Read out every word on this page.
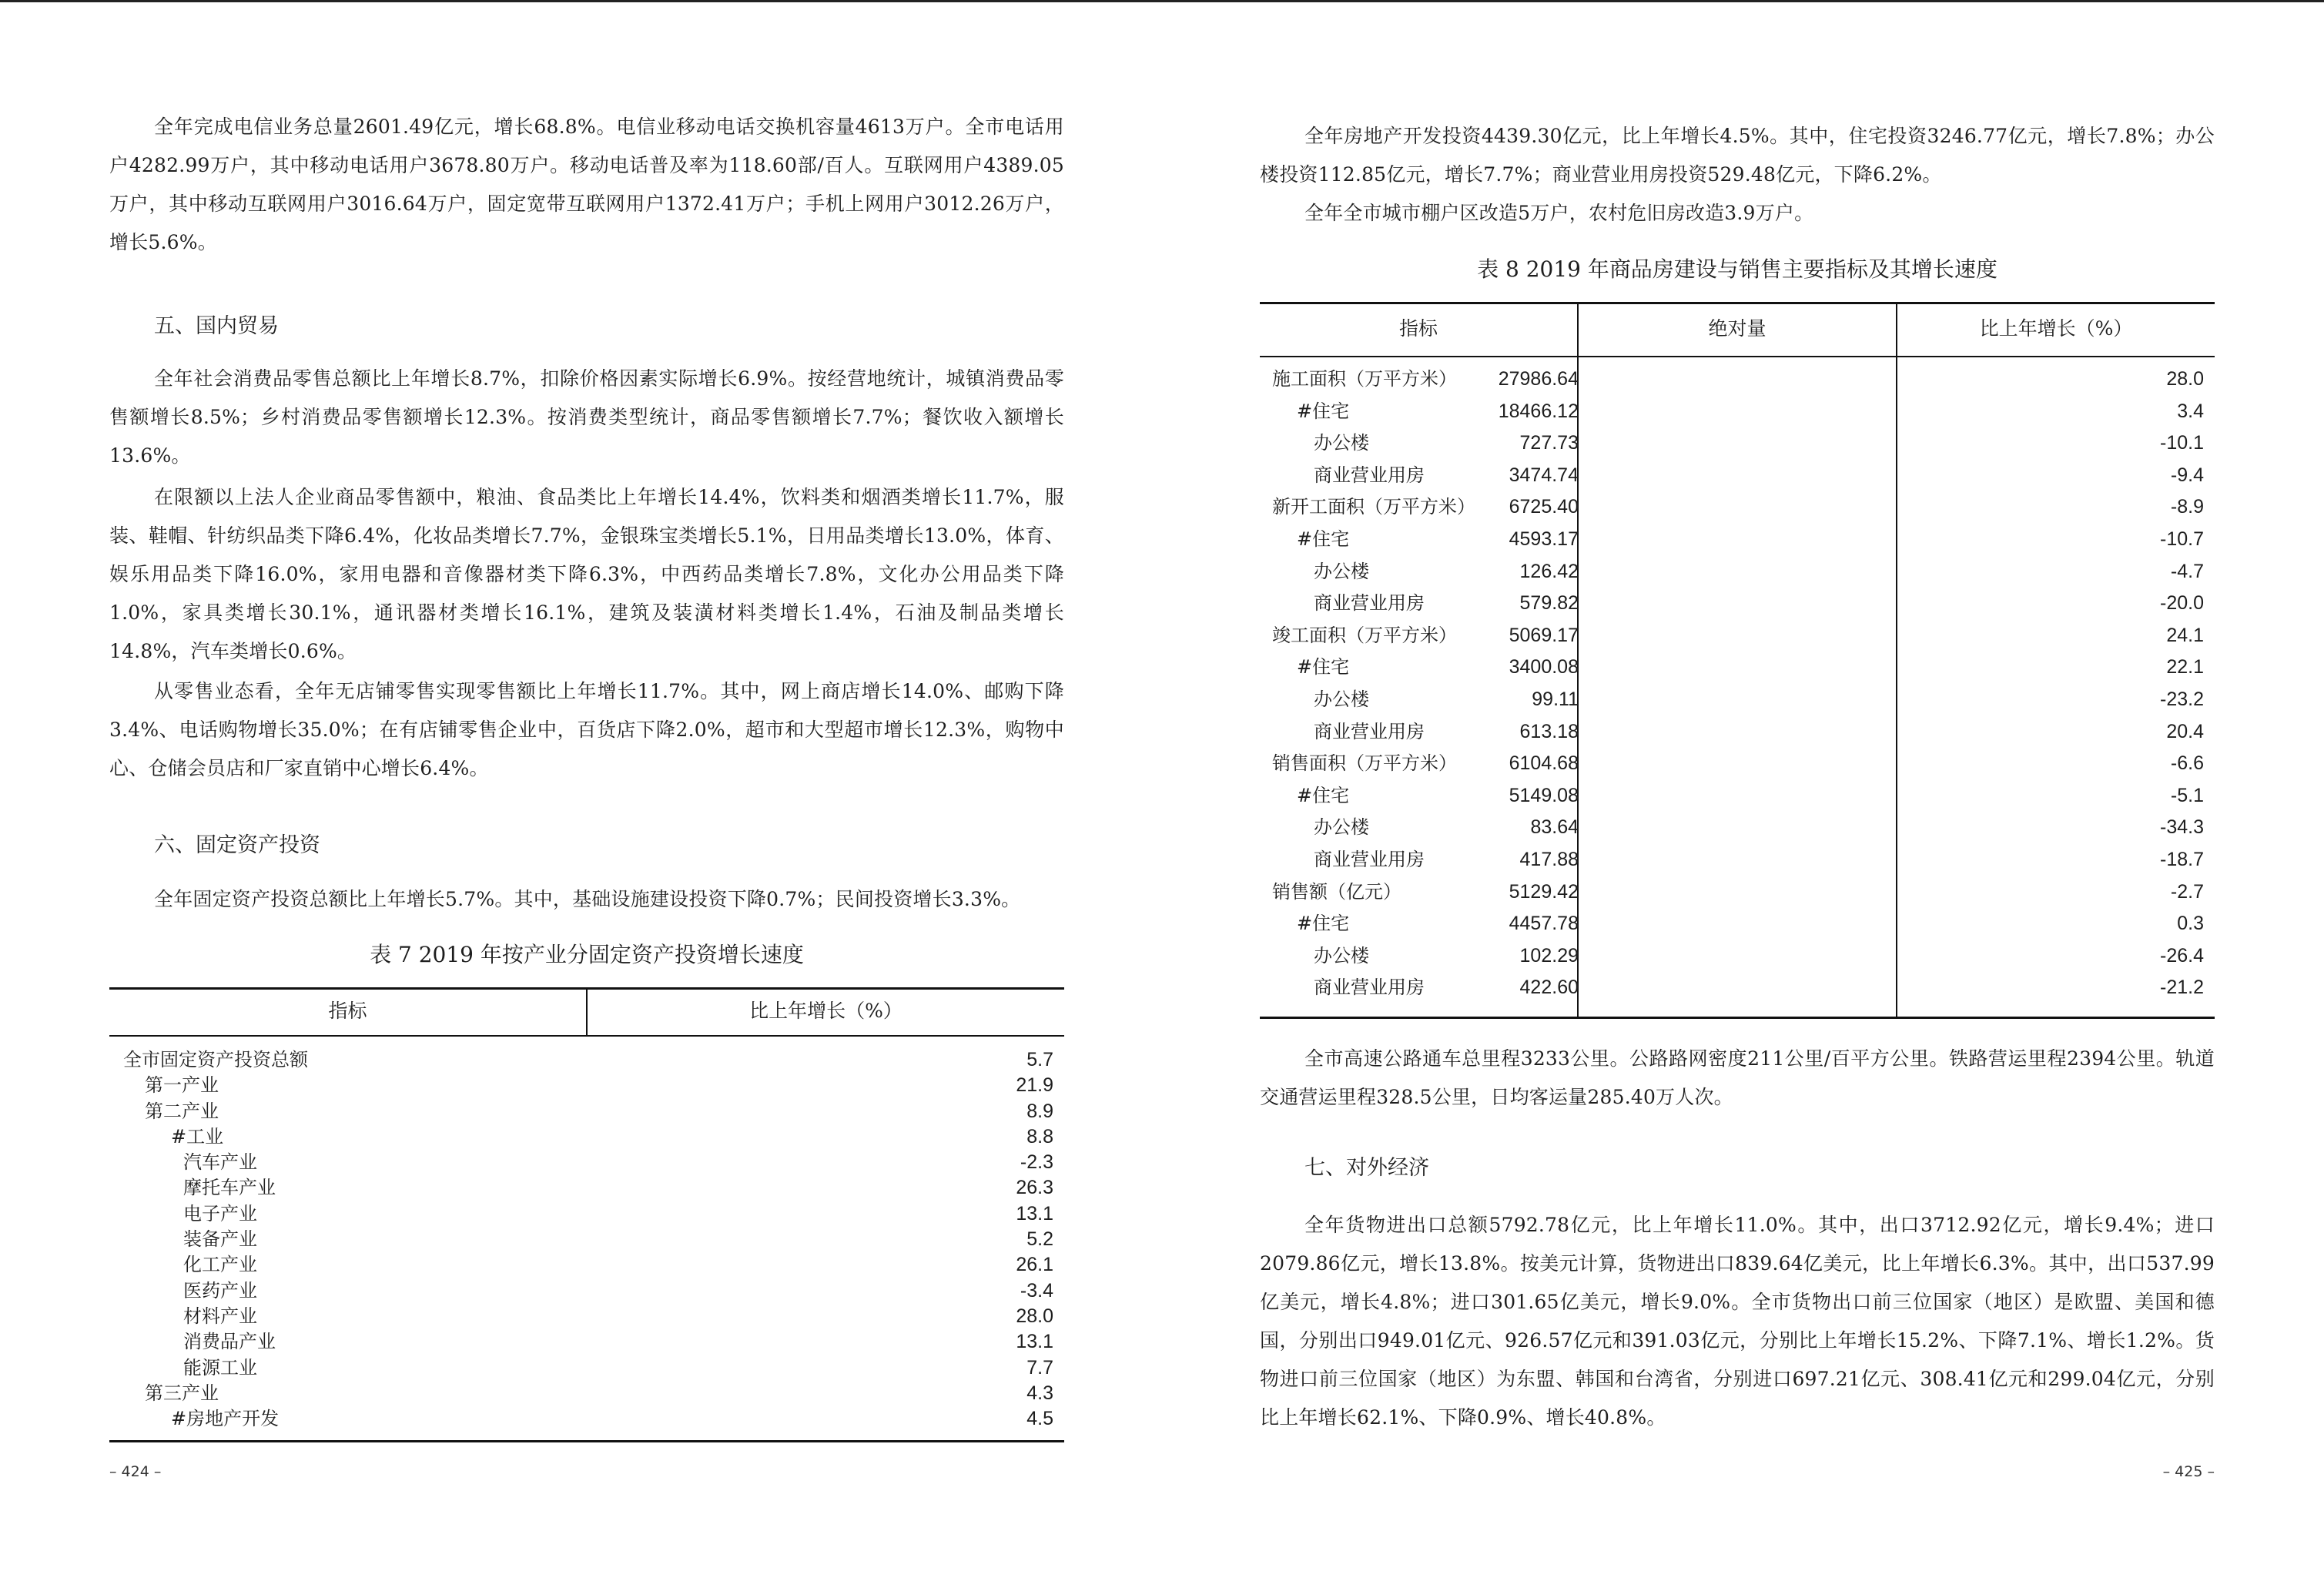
全年完成电信业务总量2601.49亿元，增长68.8%。电信业移动电话交换机容量4613万户。全市电话用户4282.99万户，其中移动电话用户3678.80万户。移动电话普及率为118.60部/百人。互联网用户4389.05万户，其中移动互联网用户3016.64万户，固定宽带互联网用户1372.41万户；手机上网用户3012.26万户，增长5.6%。

五、国内贸易

全年社会消费品零售总额比上年增长8.7%，扣除价格因素实际增长6.9%。按经营地统计，城镇消费品零售额增长8.5%；乡村消费品零售额增长12.3%。按消费类型统计，商品零售额增长7.7%；餐饮收入额增长13.6%。

在限额以上法人企业商品零售额中，粮油、食品类比上年增长14.4%，饮料类和烟酒类增长11.7%，服装、鞋帽、针纺织品类下降6.4%，化妆品类增长7.7%，金银珠宝类增长5.1%，日用品类增长13.0%，体育、娱乐用品类下降16.0%，家用电器和音像器材类下降6.3%，中西药品类增长7.8%，文化办公用品类下降1.0%，家具类增长30.1%，通讯器材类增长16.1%，建筑及装潢材料类增长1.4%，石油及制品类增长14.8%，汽车类增长0.6%。

从零售业态看，全年无店铺零售实现零售额比上年增长11.7%。其中，网上商店增长14.0%、邮购下降3.4%、电话购物增长35.0%；在有店铺零售企业中，百货店下降2.0%，超市和大型超市增长12.3%，购物中心、仓储会员店和厂家直销中心增长6.4%。

六、固定资产投资

全年固定资产投资总额比上年增长5.7%。其中，基础设施建设投资下降0.7%；民间投资增长3.3%。

表 7 2019 年按产业分固定资产投资增长速度
指标	比上年增长（%）
全市固定资产投资总额	5.7
第一产业	21.9
第二产业	8.9
#工业	8.8
汽车产业	-2.3
摩托车产业	26.3
电子产业	13.1
装备产业	5.2
化工产业	26.1
医药产业	-3.4
材料产业	28.0
消费品产业	13.1
能源工业	7.7
第三产业	4.3
#房地产开发	4.5
– 424 –

全年房地产开发投资4439.30亿元，比上年增长4.5%。其中，住宅投资3246.77亿元，增长7.8%；办公楼投资112.85亿元，增长7.7%；商业营业用房投资529.48亿元，下降6.2%。

全年全市城市棚户区改造5万户，农村危旧房改造3.9万户。

表 8 2019 年商品房建设与销售主要指标及其增长速度
指标	绝对量	比上年增长（%）
施工面积（万平方米） 27986.64	28.0
#住宅	18466.12	3.4
办公楼	727.73	-10.1
商业营业用房	3474.74	-9.4
新开工面积（万平方米） 6725.40	-8.9
#住宅	4593.17	-10.7
办公楼	126.42	-4.7
商业营业用房	579.82	-20.0
竣工面积（万平方米）	5069.17	24.1
#住宅	3400.08	22.1
办公楼	99.11	-23.2
商业营业用房	613.18	20.4
销售面积（万平方米）	6104.68	-6.6
#住宅	5149.08	-5.1
办公楼	83.64	-34.3
商业营业用房	417.88	-18.7
销售额（亿元）	5129.42	-2.7
#住宅	4457.78	0.3
办公楼	102.29	-26.4
商业营业用房	422.60	-21.2

全市高速公路通车总里程3233公里。公路路网密度211公里/百平方公里。铁路营运里程2394公里。轨道交通营运里程328.5公里，日均客运量285.40万人次。

七、对外经济

全年货物进出口总额5792.78亿元，比上年增长11.0%。其中，出口3712.92亿元，增长9.4%；进口2079.86亿元，增长13.8%。按美元计算，货物进出口839.64亿美元，比上年增长6.3%。其中，出口537.99亿美元，增长4.8%；进口301.65亿美元，增长9.0%。全市货物出口前三位国家（地区）是欧盟、美国和德国，分别出口949.01亿元、926.57亿元和391.03亿元，分别比上年增长15.2%、下降7.1%、增长1.2%。货物进口前三位国家（地区）为东盟、韩国和台湾省，分别进口697.21亿元、308.41亿元和299.04亿元，分别比上年增长62.1%、下降0.9%、增长40.8%。

– 425 –
